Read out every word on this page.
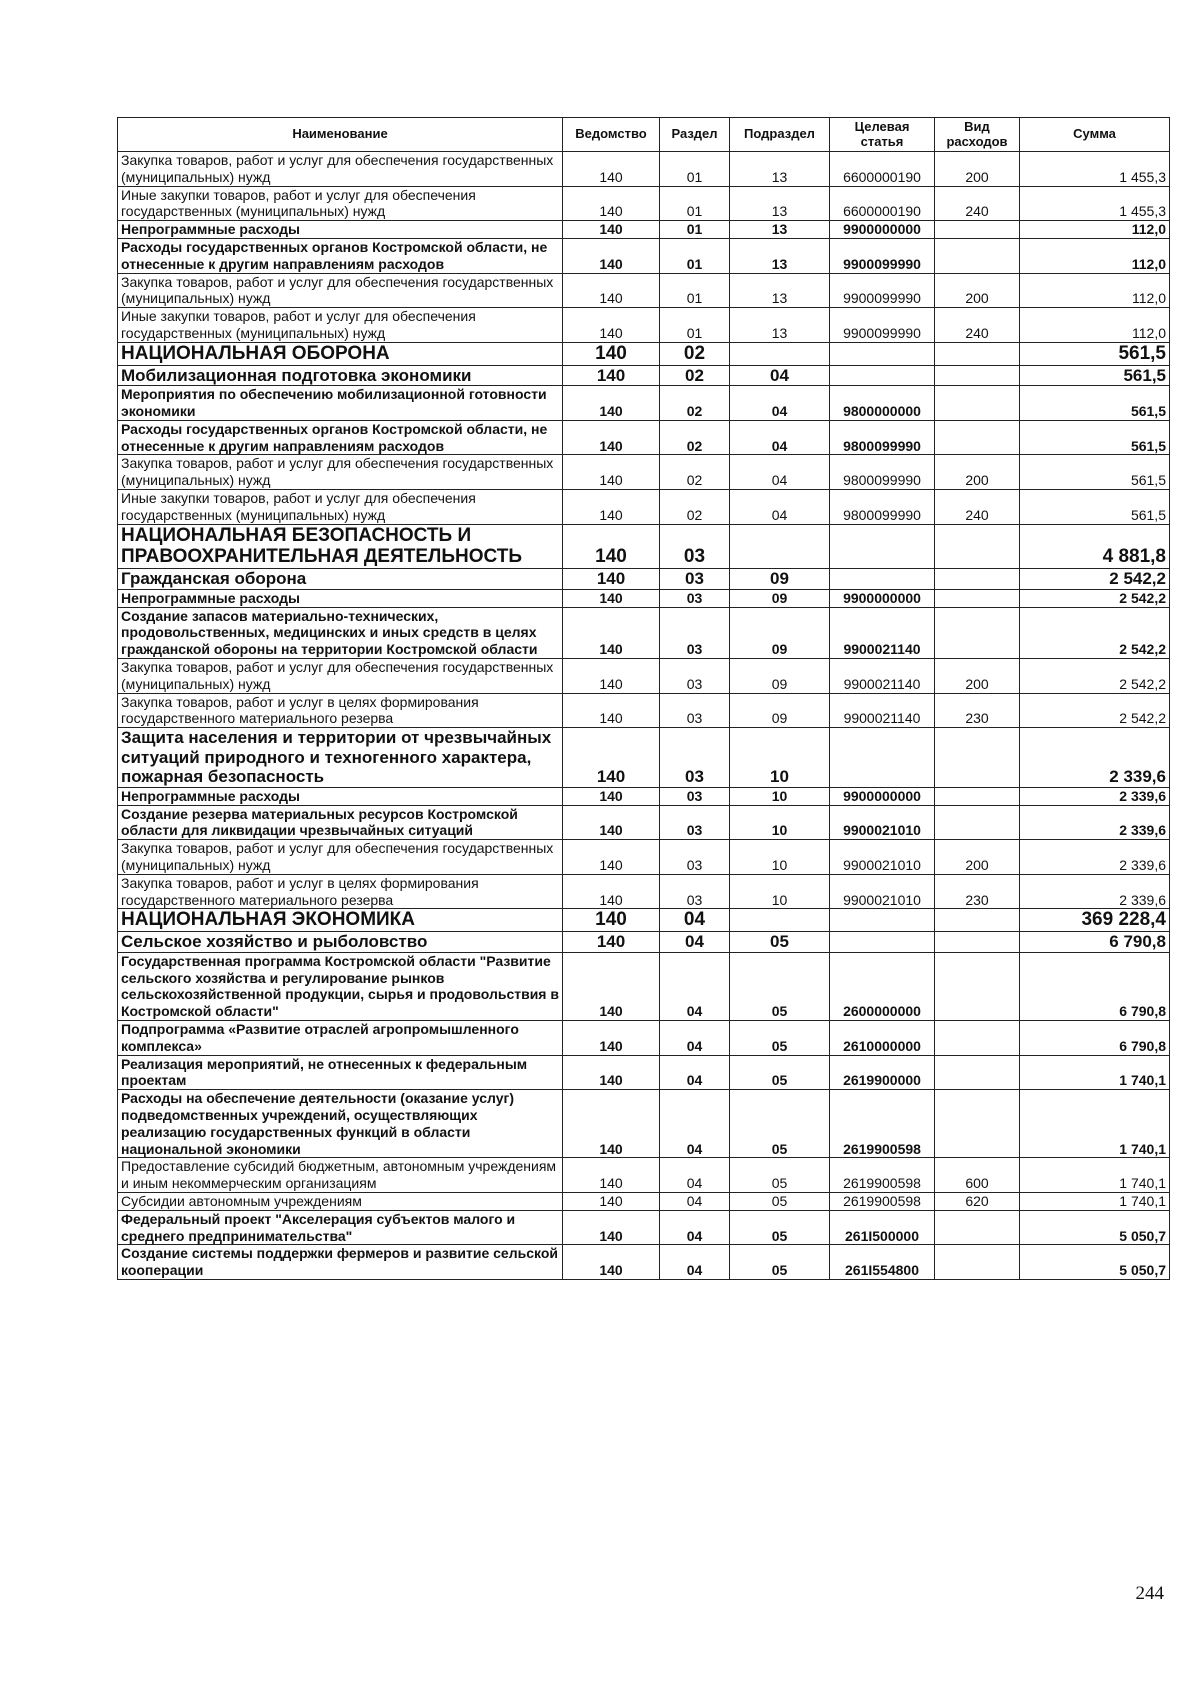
Наименование	Ведомство	Раздел	Подраздел	Целевая статья	Вид расходов	Сумма
Закупка товаров, работ и услуг для обеспечения государственных (муниципальных) нужд	140	01	13	6600000190	200	1 455,3
Иные закупки товаров, работ и услуг для обеспечения государственных (муниципальных) нужд	140	01	13	6600000190	240	1 455,3
Непрограммные расходы	140	01	13	9900000000		112,0
Расходы государственных органов Костромской области, не отнесенные к другим направлениям расходов	140	01	13	9900099990		112,0
Закупка товаров, работ и услуг для обеспечения государственных (муниципальных) нужд	140	01	13	9900099990	200	112,0
Иные закупки товаров, работ и услуг для обеспечения государственных (муниципальных) нужд	140	01	13	9900099990	240	112,0
НАЦИОНАЛЬНАЯ ОБОРОНА	140	02				561,5
Мобилизационная подготовка экономики	140	02	04			561,5
Мероприятия по обеспечению мобилизационной готовности экономики	140	02	04	9800000000		561,5
Расходы государственных органов Костромской области, не отнесенные к другим направлениям расходов	140	02	04	9800099990		561,5
Закупка товаров, работ и услуг для обеспечения государственных (муниципальных) нужд	140	02	04	9800099990	200	561,5
Иные закупки товаров, работ и услуг для обеспечения государственных (муниципальных) нужд	140	02	04	9800099990	240	561,5
НАЦИОНАЛЬНАЯ БЕЗОПАСНОСТЬ И ПРАВООХРАНИТЕЛЬНАЯ ДЕЯТЕЛЬНОСТЬ	140	03				4 881,8
Гражданская оборона	140	03	09			2 542,2
Непрограммные расходы	140	03	09	9900000000		2 542,2
Создание запасов материально-технических, продовольственных, медицинских и иных средств в целях гражданской обороны на территории Костромской области	140	03	09	9900021140		2 542,2
Закупка товаров, работ и услуг для обеспечения государственных (муниципальных) нужд	140	03	09	9900021140	200	2 542,2
Закупка товаров, работ и услуг в целях формирования государственного материального резерва	140	03	09	9900021140	230	2 542,2
Защита населения и территории от чрезвычайных ситуаций природного и техногенного характера, пожарная безопасность	140	03	10			2 339,6
Непрограммные расходы	140	03	10	9900000000		2 339,6
Создание резерва материальных ресурсов Костромской области для ликвидации чрезвычайных ситуаций	140	03	10	9900021010		2 339,6
Закупка товаров, работ и услуг для обеспечения государственных (муниципальных) нужд	140	03	10	9900021010	200	2 339,6
Закупка товаров, работ и услуг в целях формирования государственного материального резерва	140	03	10	9900021010	230	2 339,6
НАЦИОНАЛЬНАЯ ЭКОНОМИКА	140	04				369 228,4
Сельское хозяйство и рыболовство	140	04	05			6 790,8
Государственная программа Костромской области "Развитие сельского хозяйства и регулирование рынков сельскохозяйственной продукции, сырья и продовольствия в Костромской области"	140	04	05	2600000000		6 790,8
Подпрограмма «Развитие отраслей агропромышленного комплекса»	140	04	05	2610000000		6 790,8
Реализация мероприятий, не отнесенных к федеральным проектам	140	04	05	2619900000		1 740,1
Расходы на обеспечение деятельности (оказание услуг) подведомственных учреждений, осуществляющих реализацию государственных функций в области национальной экономики	140	04	05	2619900598		1 740,1
Предоставление субсидий бюджетным, автономным учреждениям и иным некоммерческим организациям	140	04	05	2619900598	600	1 740,1
Субсидии автономным учреждениям	140	04	05	2619900598	620	1 740,1
Федеральный проект "Акселерация субъектов малого и среднего предпринимательства"	140	04	05	261I500000		5 050,7
Создание системы поддержки фермеров и развитие сельской кооперации	140	04	05	261I554800		5 050,7
244
